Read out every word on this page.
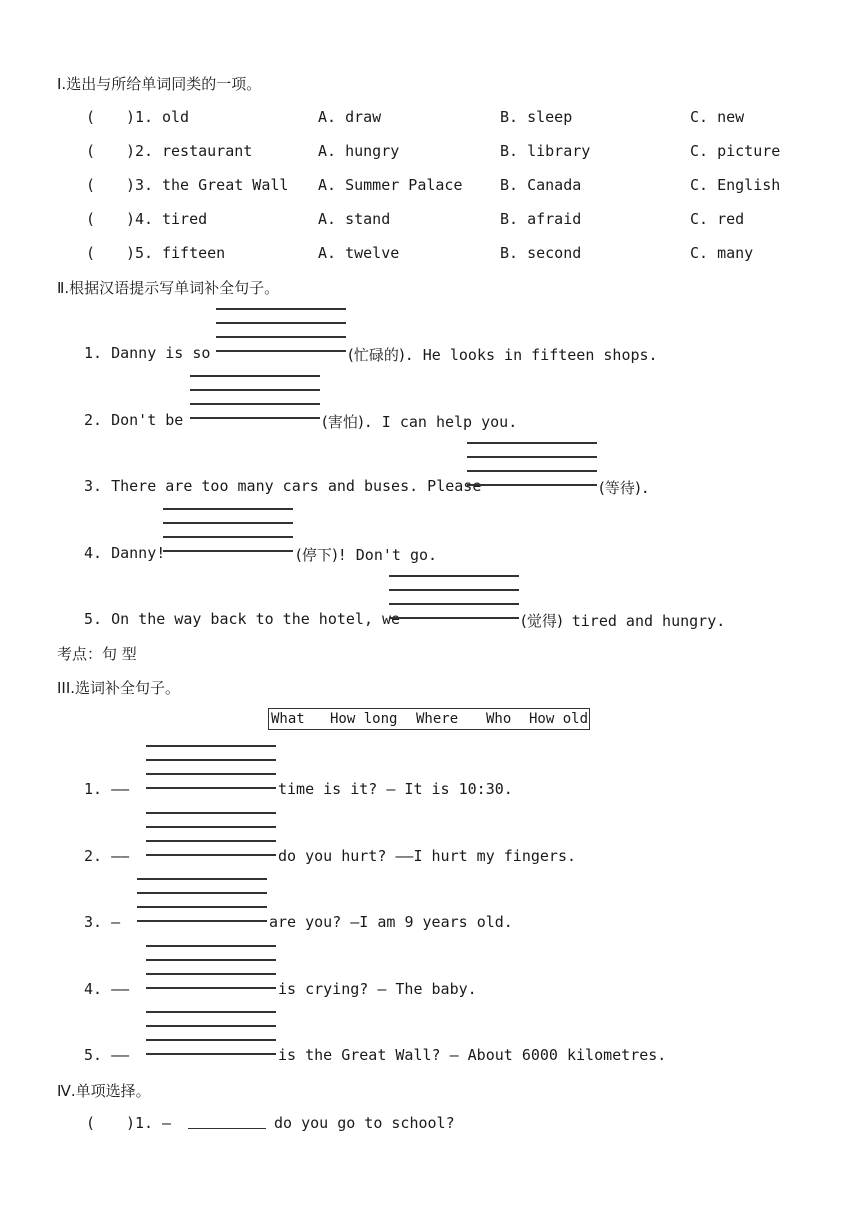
Ⅰ.选出与所给单词同类的一项。
( )1. old	A. draw	B. sleep	C. new
( )2. restaurant	A. hungry	B. library	C. picture
( )3. the Great Wall A. Summer Palace	B. Canada	C. English
( )4. tired	A. stand	B. afraid	C. red
( )5. fifteen	A. twelve	B. second	C. many
Ⅱ.根据汉语提示写单词补全句子。
1. Danny is so	(忙碌的). He looks in fifteen shops.
2. Don't be	(害怕). I can help you.
3. There are too many cars and buses. Please	(等待).
4. Danny!	(停下)! Don't go.
5. On the way back to the hotel, we	(觉得) tired and hungry.
考点：句 型
III.选词补全句子。
What How long Where Who How old
1. ——	time is it? — It is 10:30.
2. ——	do you hurt? ——I hurt my fingers.
3. —	are you? —I am 9 years old.
4. ——	is crying? — The baby.
5. ——	is the Great Wall? — About 6000 kilometres.
Ⅳ.单项选择。
( )1. —	do you go to school?
